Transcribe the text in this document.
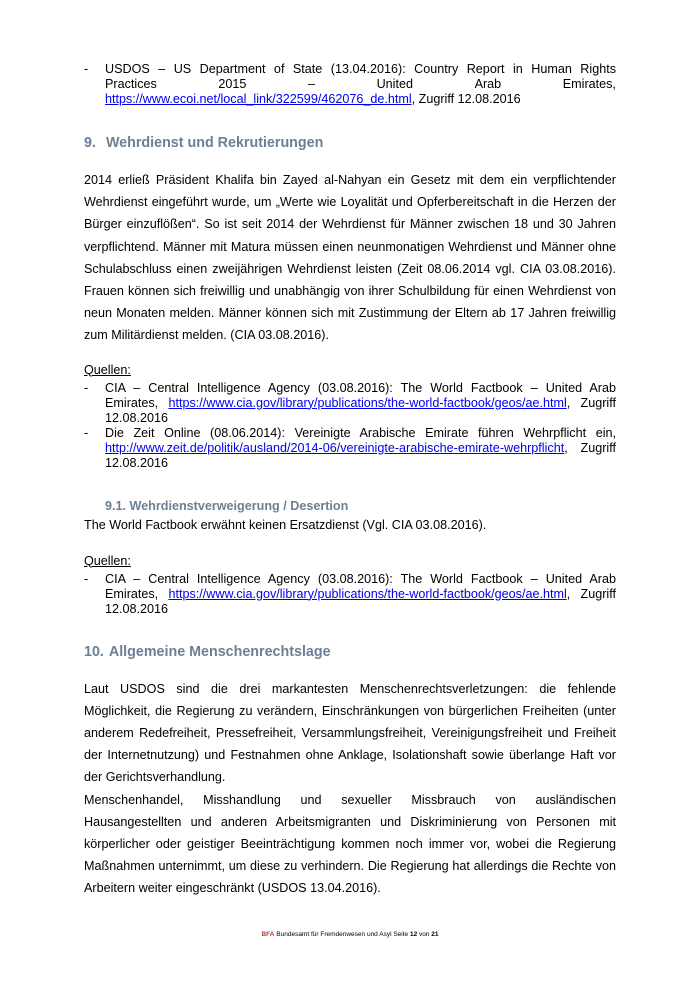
- USDOS – US Department of State (13.04.2016): Country Report in Human Rights
Practices	2015	–	United	Arab	Emirates,
https://www.ecoi.net/local_link/322599/462076_de.html, Zugriff 12.08.2016
9. Wehrdienst und Rekrutierungen

2014 erließ Präsident Khalifa bin Zayed al-Nahyan ein Gesetz mit dem ein verpflichtender Wehrdienst eingeführt wurde, um „Werte wie Loyalität und Opferbereitschaft in die Herzen der Bürger einzuflößen“. So ist seit 2014 der Wehrdienst für Männer zwischen 18 und 30 Jahren verpflichtend. Männer mit Matura müssen einen neunmonatigen Wehrdienst und Männer ohne Schulabschluss einen zweijährigen Wehrdienst leisten (Zeit 08.06.2014 vgl. CIA 03.08.2016). Frauen können sich freiwillig und unabhängig von ihrer Schulbildung für einen Wehrdienst von neun Monaten melden. Männer können sich mit Zustimmung der Eltern ab 17 Jahren freiwillig zum Militärdienst melden. (CIA 03.08.2016).

Quellen:

- CIA – Central Intelligence Agency (03.08.2016): The World Factbook – United Arab Emirates, https://www.cia.gov/library/publications/the-world-factbook/geos/ae.html, Zugriff 12.08.2016
- Die Zeit Online (08.06.2014): Vereinigte Arabische Emirate führen Wehrpflicht ein, http://www.zeit.de/politik/ausland/2014-06/vereinigte-arabische-emirate-wehrpflicht, Zugriff 12.08.2016
9.1. Wehrdienstverweigerung / Desertion

The World Factbook erwähnt keinen Ersatzdienst (Vgl. CIA 03.08.2016).

Quellen:

- CIA – Central Intelligence Agency (03.08.2016): The World Factbook – United Arab Emirates, https://www.cia.gov/library/publications/the-world-factbook/geos/ae.html, Zugriff 12.08.2016
10. Allgemeine Menschenrechtslage

Laut USDOS sind die drei markantesten Menschenrechtsverletzungen: die fehlende Möglichkeit, die Regierung zu verändern, Einschränkungen von bürgerlichen Freiheiten (unter anderem Redefreiheit, Pressefreiheit, Versammlungsfreiheit, Vereinigungsfreiheit und Freiheit der Internetnutzung) und Festnahmen ohne Anklage, Isolationshaft sowie überlange Haft vor der Gerichtsverhandlung.

Menschenhandel, Misshandlung und sexueller Missbrauch von ausländischen Hausangestellten und anderen Arbeitsmigranten und Diskriminierung von Personen mit körperlicher oder geistiger Beeinträchtigung kommen noch immer vor, wobei die Regierung Maßnahmen unternimmt, um diese zu verhindern. Die Regierung hat allerdings die Rechte von Arbeitern weiter eingeschränkt (USDOS 13.04.2016).

BFA Bundesamt für Fremdenwesen und Asyl Seite 12 von 21
